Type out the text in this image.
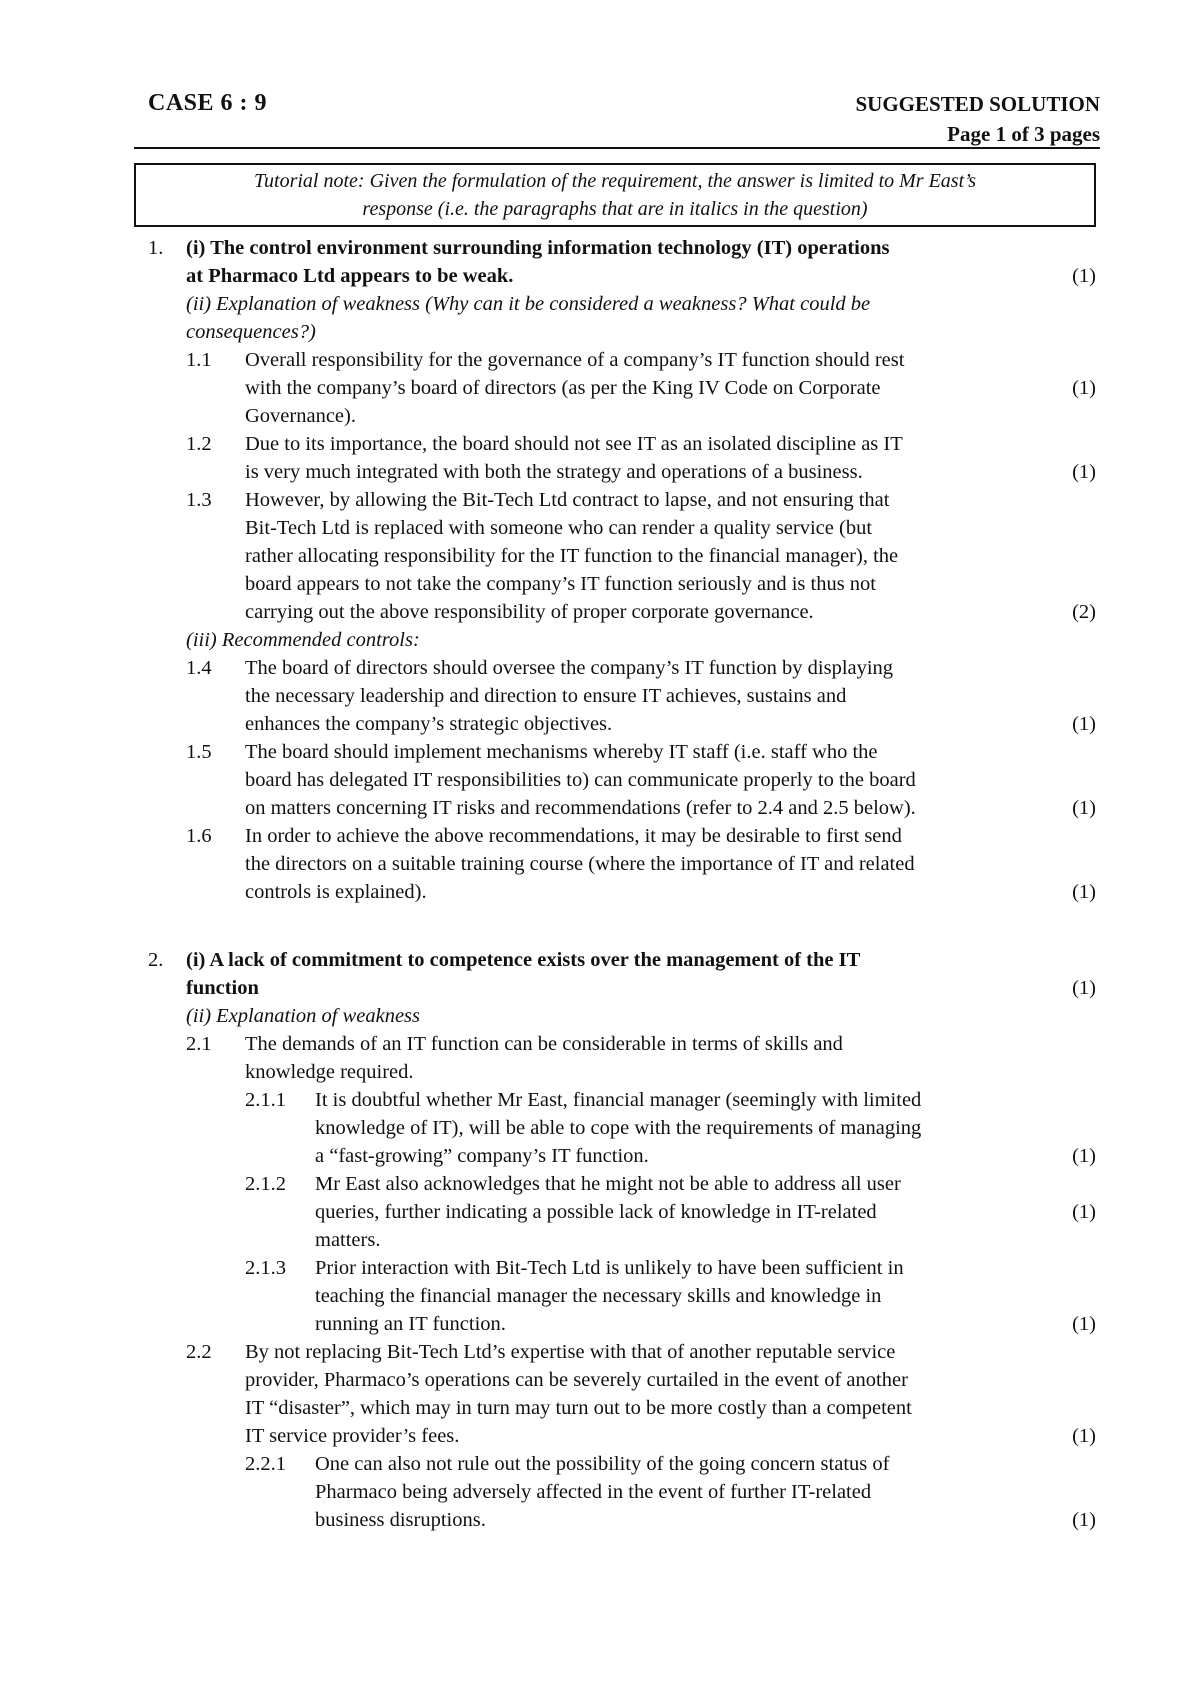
CASE 6 : 9	SUGGESTED SOLUTION
Page 1 of 3 pages
Tutorial note: Given the formulation of the requirement, the answer is limited to Mr East’s
response (i.e. the paragraphs that are in italics in the question)
1. (i) The control environment surrounding information technology (IT) operations
at Pharmaco Ltd appears to be weak.	(1)
(ii) Explanation of weakness (Why can it be considered a weakness? What could be
consequences?)
1.1 Overall responsibility for the governance of a company’s IT function should rest
with the company’s board of directors (as per the King IV Code on Corporate	(1)
Governance).
1.2 Due to its importance, the board should not see IT as an isolated discipline as IT
is very much integrated with both the strategy and operations of a business.	(1)
1.3 However, by allowing the Bit-Tech Ltd contract to lapse, and not ensuring that
Bit-Tech Ltd is replaced with someone who can render a quality service (but
rather allocating responsibility for the IT function to the financial manager), the
board appears to not take the company’s IT function seriously and is thus not
carrying out the above responsibility of proper corporate governance.	(2)
(iii) Recommended controls:
1.4 The board of directors should oversee the company’s IT function by displaying
the necessary leadership and direction to ensure IT achieves, sustains and
enhances the company’s strategic objectives.	(1)
1.5 The board should implement mechanisms whereby IT staff (i.e. staff who the
board has delegated IT responsibilities to) can communicate properly to the board
on matters concerning IT risks and recommendations (refer to 2.4 and 2.5 below).	(1)
1.6 In order to achieve the above recommendations, it may be desirable to first send
the directors on a suitable training course (where the importance of IT and related
controls is explained).	(1)
2. (i) A lack of commitment to competence exists over the management of the IT
function	(1)
(ii) Explanation of weakness
2.1 The demands of an IT function can be considerable in terms of skills and
knowledge required.
2.1.1 It is doubtful whether Mr East, financial manager (seemingly with limited
knowledge of IT), will be able to cope with the requirements of managing
a “fast-growing” company’s IT function.	(1)
2.1.2 Mr East also acknowledges that he might not be able to address all user
queries, further indicating a possible lack of knowledge in IT-related	(1)
matters.
2.1.3 Prior interaction with Bit-Tech Ltd is unlikely to have been sufficient in
teaching the financial manager the necessary skills and knowledge in
running an IT function.	(1)
2.2 By not replacing Bit-Tech Ltd’s expertise with that of another reputable service
provider, Pharmaco’s operations can be severely curtailed in the event of another
IT “disaster”, which may in turn may turn out to be more costly than a competent
IT service provider’s fees.	(1)
2.2.1 One can also not rule out the possibility of the going concern status of
Pharmaco being adversely affected in the event of further IT-related
business disruptions.	(1)
